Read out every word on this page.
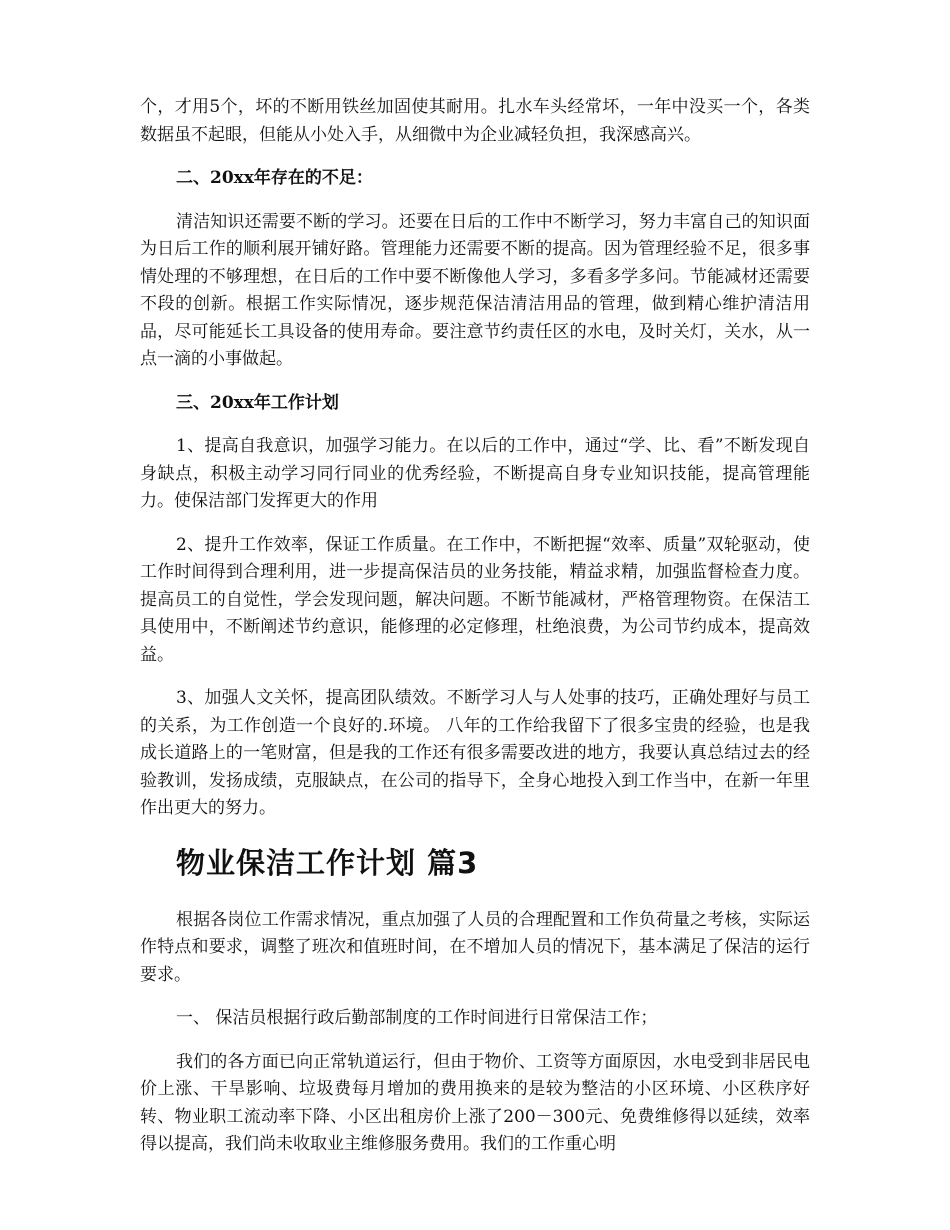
个，才用5个，坏的不断用铁丝加固使其耐用。扎水车头经常坏，一年中没买一个，各类数据虽不起眼，但能从小处入手，从细微中为企业减轻负担，我深感高兴。

二、20xx年存在的不足：

清洁知识还需要不断的学习。还要在日后的工作中不断学习，努力丰富自己的知识面为日后工作的顺利展开铺好路。管理能力还需要不断的提高。因为管理经验不足，很多事情处理的不够理想，在日后的工作中要不断像他人学习，多看多学多问。节能减材还需要不段的创新。根据工作实际情况，逐步规范保洁清洁用品的管理，做到精心维护清洁用品，尽可能延长工具设备的使用寿命。要注意节约责任区的水电，及时关灯，关水，从一点一滴的小事做起。

三、20xx年工作计划

1、提高自我意识，加强学习能力。在以后的工作中，通过“学、比、看”不断发现自身缺点，积极主动学习同行同业的优秀经验，不断提高自身专业知识技能，提高管理能力。使保洁部门发挥更大的作用

2、提升工作效率，保证工作质量。在工作中，不断把握“效率、质量”双轮驱动，使工作时间得到合理利用，进一步提高保洁员的业务技能，精益求精，加强监督检查力度。提高员工的自觉性，学会发现问题，解决问题。不断节能减材，严格管理物资。在保洁工具使用中，不断阐述节约意识，能修理的必定修理，杜绝浪费，为公司节约成本，提高效益。

3、加强人文关怀，提高团队绩效。不断学习人与人处事的技巧，正确处理好与员工的关系，为工作创造一个良好的.环境。 八年的工作给我留下了很多宝贵的经验，也是我成长道路上的一笔财富，但是我的工作还有很多需要改进的地方，我要认真总结过去的经验教训，发扬成绩，克服缺点，在公司的指导下，全身心地投入到工作当中，在新一年里作出更大的努力。

物业保洁工作计划 篇3

根据各岗位工作需求情况，重点加强了人员的合理配置和工作负荷量之考核，实际运作特点和要求，调整了班次和值班时间，在不增加人员的情况下，基本满足了保洁的运行要求。

一、 保洁员根据行政后勤部制度的工作时间进行日常保洁工作；

我们的各方面已向正常轨道运行，但由于物价、工资等方面原因，水电受到非居民电价上涨、干旱影响、垃圾费每月增加的费用换来的是较为整洁的小区环境、小区秩序好转、物业职工流动率下降、小区出租房价上涨了200－300元、免费维修得以延续，效率得以提高，我们尚未收取业主维修服务费用。我们的工作重心明
